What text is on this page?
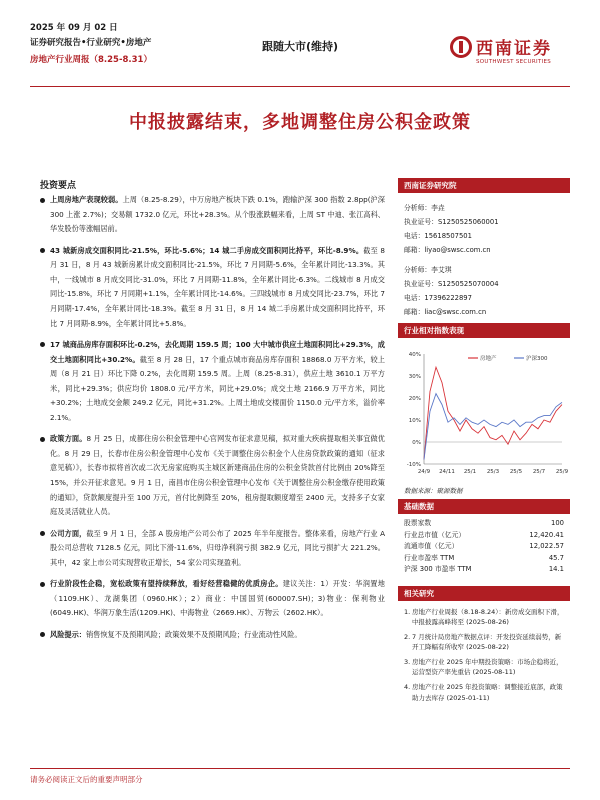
2025 年 09 月 02 日
证券研究报告•行业研究•房地产
房地产行业周报（8.25-8.31）
跟随大市(维持)	西南证券
SOUTHWEST SECURITIES
中报披露结束，多地调整住房公积金政策
投资要点
上周房地产表现较弱。上周（8.25-8.29），中万房地产板块下跌 0.1%，跑输沪深 300 指数 2.8pp(沪深 300 上涨 2.7%)；交易额 1732.0 亿元，环比+28.3%。从个股涨跌幅来看，上周 ST 中迪、张江高科、华发股份等涨幅居前。
43 城新房成交面积同比-21.5%，环比-5.6%；14 城二手房成交面积同比持平，环比-8.9%。截至 8 月 31 日，8 月 43 城新房累计成交面积同比-21.5%，环比 7 月同期-5.6%，全年累计同比-13.3%。其中，一线城市 8 月成交同比-31.0%，环比 7 月同期-11.8%，全年累计同比-6.3%。二线城市 8 月成交同比-15.8%，环比 7 月同期+1.1%，全年累计同比-14.6%。三四线城市 8 月成交同比-23.7%，环比 7 月同期-17.4%，全年累计同比-18.3%。截至 8 月 31 日，8 月 14 城二手房累计成交面积同比持平，环比 7 月同期-8.9%，全年累计同比+5.8%。
17 城商品房库存面积环比-0.2%，去化周期 159.5 周；100 大中城市供应土地面积同比+29.3%，成交土地面积同比+30.2%。截至 8 月 28 日，17 个重点城市商品房库存面积 18868.0 万平方米，较上周（8 月 21 日）环比下降 0.2%，去化周期 159.5 周。上周（8.25-8.31），供应土地 3610.1 万平方米，同比+29.3%；供应均价 1808.0 元/平方米，同比+29.0%；成交土地 2166.9 万平方米，同比+30.2%；土地成交金额 249.2 亿元，同比+31.2%。上周土地成交楼面价 1150.0 元/平方米，溢价率 2.1%。
政策方面。8 月 25 日，成都住房公积金管理中心官网发布征求意见稿，拟对重大疾病提取相关事宜做优化。8 月 29 日，长春市住房公积金管理中心发布《关于调整住房公积金个人住房贷款政策的通知（征求意见稿）》，长春市拟将首次或二次无房家庭购买主城区新建商品住房的公积金贷款首付比例由 20%降至 15%，并公开征求意见。9 月 1 日，南昌市住房公积金管理中心发布《关于调整住房公积金缴存使用政策的通知》，贷款额度提升至 100 万元，首付比例降至 20%，租房提取额度增至 2400 元，支持多子女家庭及灵活就业人员。
公司方面，截至 9 月 1 日，全部 A 股房地产公司公布了 2025 年半年度报告。整体来看，房地产行业 A 股公司总营收 7128.5 亿元，同比下滑-11.6%，归母净利润亏损 382.9 亿元，同比亏损扩大 221.2%。其中，42 家上市公司实现营收正增长，54 家公司实现盈利。
行业阶段性企稳，宽松政策有望持续释放，看好经营稳健的优质房企。建议关注：1）开发：华润置地（1109.HK）、龙湖集团（0960.HK）；2）商业：中国国贸(600007.SH)；3)物业：保利物业(6049.HK)、华润万象生活(1209.HK)、中海物业（2669.HK）、万物云（2602.HK）。
风险提示：销售恢复不及预期风险；政策效果不及预期风险；行业流动性风险。
西南证券研究院
分析师：李垚
执业证号：S1250525060001
电话：15618507501
邮箱：liyao@swsc.com.cn
分析师：李艾琪
执业证号：S1250525070004
电话：17396222897
邮箱：liac@swsc.com.cn
行业相对指数表现
40%
30%
20%
10%
0%
-10%
24/9 24/11 25/1 25/3 25/5 25/7 25/9
房地产	沪深300
数据来源：聚源数据
基础数据
股票家数	100
行业总市值（亿元）	12,420.41
流通市值（亿元）	12,022.57
行业市盈率 TTM	45.7
沪深 300 市盈率 TTM	14.1
相关研究
1. 房地产行业周报（8.18-8.24）：新房成交面积下滑，中报披露高峰将至 (2025-08-26)
2. 7 月统计局房地产数据点评：开发投资延续弱势，新开工降幅有所收窄 (2025-08-22)
3. 房地产行业 2025 年中期投资策略：市场企稳将近，运营型资产率先重估 (2025-08-11)
4. 房地产行业 2025 年投资策略：调整接近底部，政策助力去库存 (2025-01-11)
请务必阅读正文后的重要声明部分
